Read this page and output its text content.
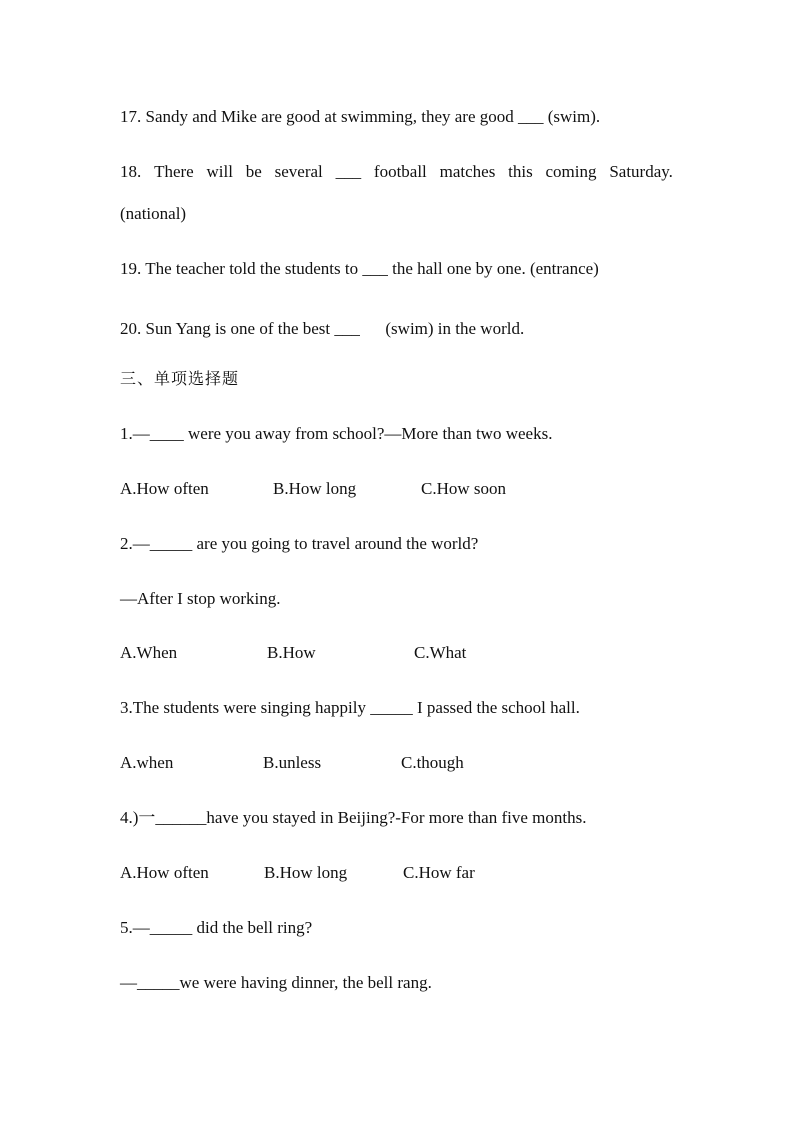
17. Sandy and Mike are good at swimming, they are good ___ (swim).
18. There will be several ___ football matches this coming Saturday.
(national)
19. The teacher told the students to ___ the hall one by one. (entrance)
20. Sun Yang is one of the best ___      (swim) in the world.
三、单项选择题
1.—____ were you away from school?—More than two weeks.
A.How often	B.How long	C.How soon
2.—_____ are you going to travel around the world?
—After I stop working.
A.When	B.How	C.What
3.The students were singing happily _____ I passed the school hall.
A.when	B.unless	C.though
4.)一______have you stayed in Beijing?-For more than five months.
A.How often	B.How long	C.How far
5.—_____ did the bell ring?
—_____we were having dinner, the bell rang.
